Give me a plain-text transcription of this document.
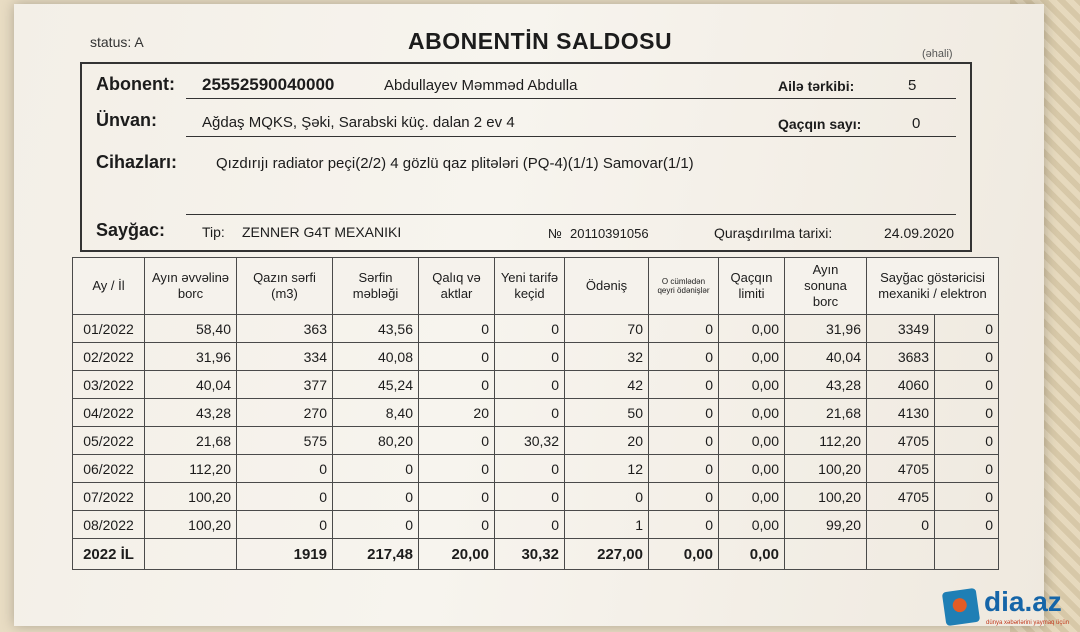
status: A	ABONENTİN SALDOSU	(əhali)
Abonent: 25552590040000	Abdullayev Məmməd Abdulla	Ailə tərkibi:	5
Ünvan:	Ağdaş MQKS, Şəki, Sarabski küç. dalan 2 ev 4	Qaçqın sayı:	0
Cihazları:	Qızdırıjı radiator peçi(2/2) 4 gözlü qaz plitələri (PQ-4)(1/1) Samovar(1/1)
Sayğac:	Tip: ZENNER G4T MEXANIKI	№ 20110391056	Quraşdırılma tarixi:	24.09.2020
Ay / İl	Ayın əvvəlinə borc	Qazın sərfi (m3)	Sərfin məbləği	Qalıq və aktlar	Yeni tarifə keçid	Ödəniş	O cümlədən qeyri ödənişlər	Qaçqın limiti	Ayın sonuna borc	Sayğac göstəricisi mexaniki / elektron	
01/2022	58,40	363	43,56	0	0	70	0	0,00	31,96	3349	0
02/2022	31,96	334	40,08	0	0	32	0	0,00	40,04	3683	0
03/2022	40,04	377	45,24	0	0	42	0	0,00	43,28	4060	0
04/2022	43,28	270	8,40	20	0	50	0	0,00	21,68	4130	0
05/2022	21,68	575	80,20	0	30,32	20	0	0,00	112,20	4705	0
06/2022	112,20	0	0	0	0	12	0	0,00	100,20	4705	0
07/2022	100,20	0	0	0	0	0	0	0,00	100,20	4705	0
08/2022	100,20	0	0	0	0	1	0	0,00	99,20	0	0
2022 İL		1919	217,48	20,00	30,32	227,00	0,00	0,00			
dia.az
dünya xəbərlərini yaymaq üçün
